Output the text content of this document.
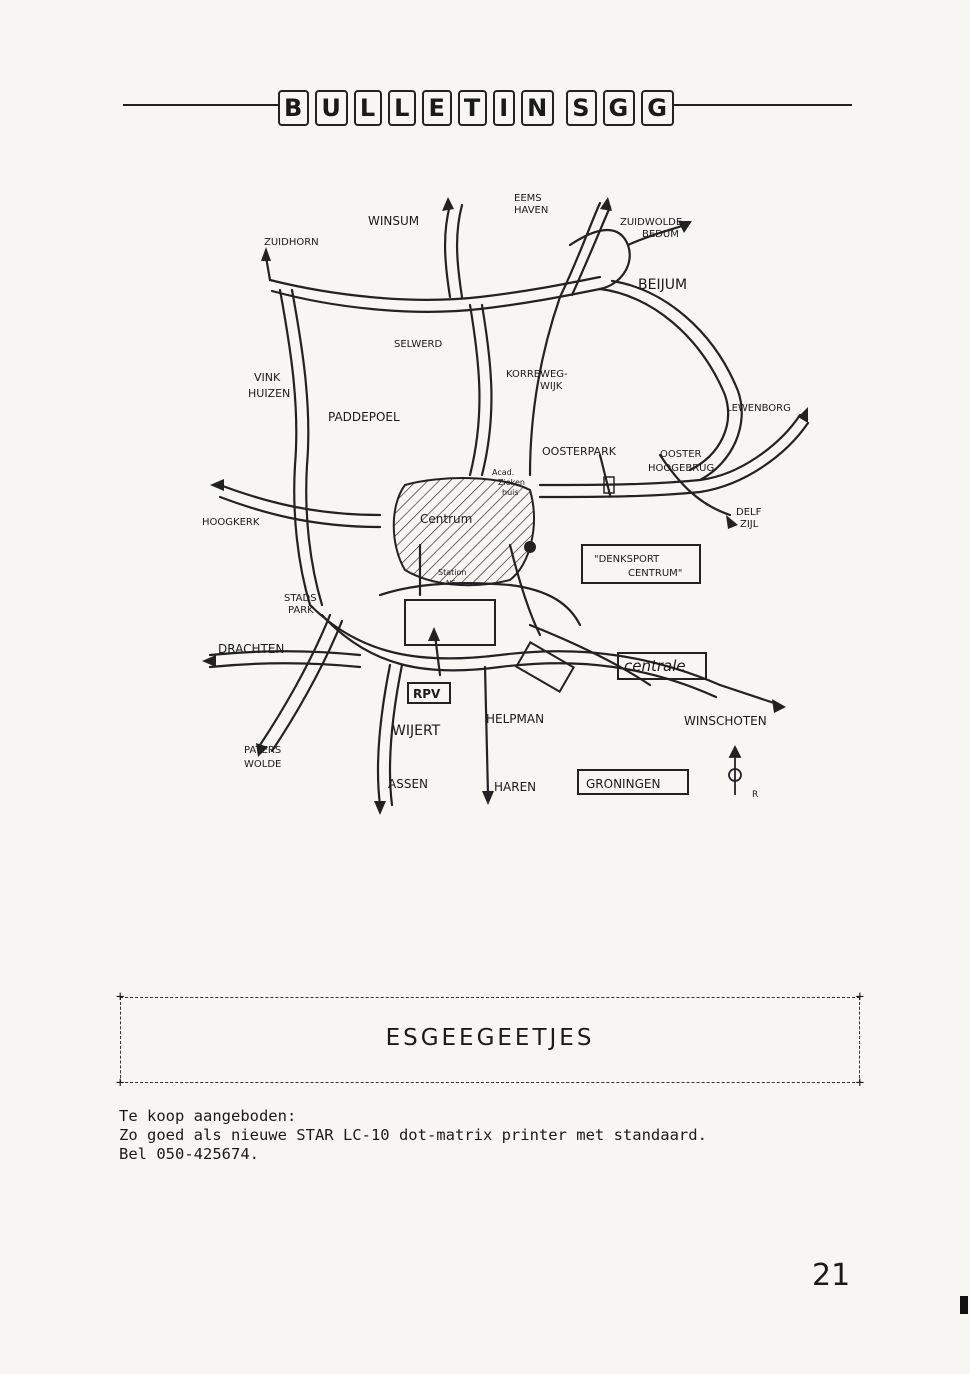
B U L L E T I N S G G
WINSUM
EEMS
HAVEN
ZUIDWOLDE
BEDUM
ZUIDHORN
BEIJUM
SELWERD
KORREWEG-
WIJK
VINK
HUIZEN
PADDEPOEL
LEWENBORG
OOSTERPARK	OOSTER
HOOGEBRUG
Acad.
Zieken
huis
Centrum
HOOGKERK
DELF
ZIJL
"DENKSPORT
CENTRUM"
Station
NS
STADS
PARK
DRACHTEN
centrale
RPV
WIJERT
HELPMAN	WINSCHOTEN
PATERS
WOLDE
ASSEN	HAREN	GRONINGEN
R
+	+
+	+
ESGEEGEETJES
Te koop aangeboden:
Zo goed als nieuwe STAR LC-10 dot-matrix printer met standaard.
Bel 050-425674.
21
